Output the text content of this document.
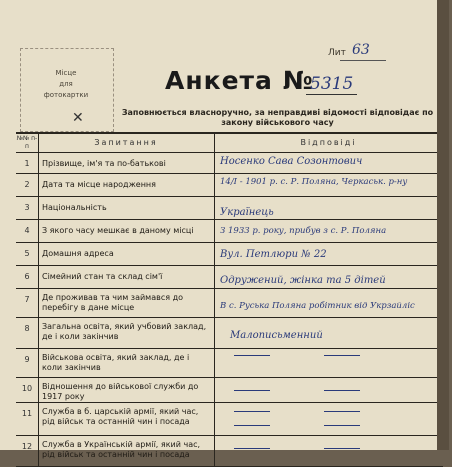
Місце
для
фотокартки
✕
Лит 63
Анкета №
5315
Заповнюється власноручно, за неправдиві відомості відповідає по закону військового часу
№№ п-п	Запитання	Відповіді
1	Прізвище, ім'я та по-батькові	Носенко Сава Созонтович
2	Дата та місце народження	14/I - 1901 р. с. Р. Поляна, Черкаськ. р-ну
3	Національність	Українець
4	З якого часу мешкає в даному місці	З 1933 р. року, прибув з с. Р. Поляна
5	Домашня адреса	Вул. Петлюри № 22
6	Сімейний стан та склад сім'ї	Одружений, жінка та 5 дітей
7	Де проживав та чим займався до перебігу в дане місце	В с. Руська Поляна робітник від Укрзайліс
8	Загальна освіта, який учбовий заклад, де і коли закінчив	Малописьменний
9	Військова освіта, який заклад, де і коли закінчив
10	Відношення до військової служби до 1917 року
11	Служба в б. царській армії, який час, рід військ та останній чин і посада
12	Служба в Українській армії, який час, рід військ та останній чин і посада
